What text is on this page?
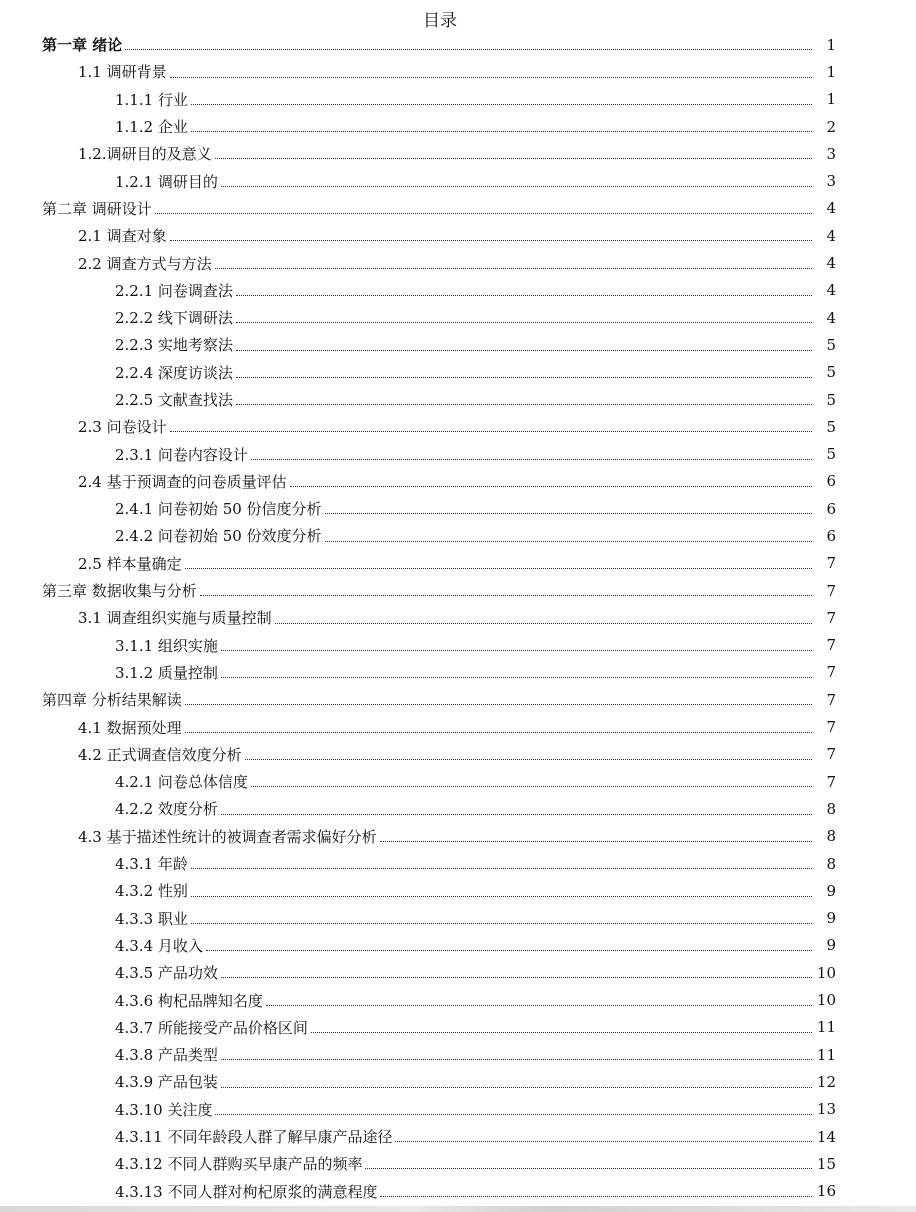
目录
第一章 绪论	1
1.1 调研背景	1
1.1.1 行业	1
1.1.2 企业	2
1.2.调研目的及意义	3
1.2.1 调研目的	3
第二章 调研设计	4
2.1 调查对象	4
2.2 调查方式与方法	4
2.2.1 问卷调查法	4
2.2.2 线下调研法	4
2.2.3 实地考察法	5
2.2.4 深度访谈法	5
2.2.5 文献查找法	5
2.3 问卷设计	5
2.3.1 问卷内容设计	5
2.4 基于预调查的问卷质量评估	6
2.4.1 问卷初始 50 份信度分析	6
2.4.2 问卷初始 50 份效度分析	6
2.5 样本量确定	7
第三章 数据收集与分析	7
3.1 调查组织实施与质量控制	7
3.1.1 组织实施	7
3.1.2 质量控制	7
第四章 分析结果解读	7
4.1 数据预处理	7
4.2 正式调查信效度分析	7
4.2.1 问卷总体信度	7
4.2.2 效度分析	8
4.3 基于描述性统计的被调查者需求偏好分析	8
4.3.1 年龄	8
4.3.2 性别	9
4.3.3 职业	9
4.3.4 月收入	9
4.3.5 产品功效	10
4.3.6 枸杞品牌知名度	10
4.3.7 所能接受产品价格区间	11
4.3.8 产品类型	11
4.3.9 产品包装	12
4.3.10 关注度	13
4.3.11 不同年龄段人群了解早康产品途径	14
4.3.12 不同人群购买早康产品的频率	15
4.3.13 不同人群对枸杞原浆的满意程度	16
